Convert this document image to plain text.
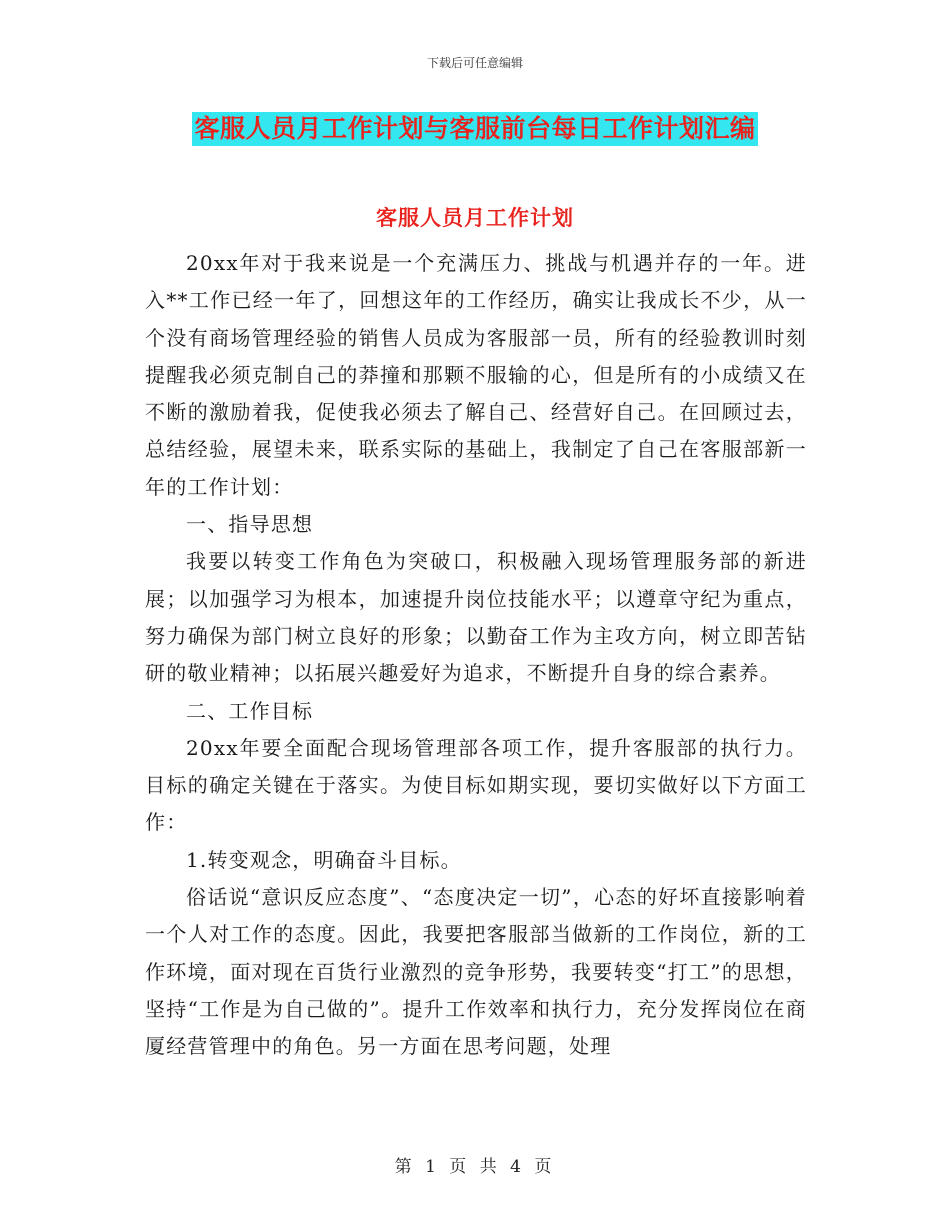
下载后可任意编辑
客服人员月工作计划与客服前台每日工作计划汇编
客服人员月工作计划

20xx年对于我来说是一个充满压力、挑战与机遇并存的一年。进入**工作已经一年了，回想这年的工作经历，确实让我成长不少，从一个没有商场管理经验的销售人员成为客服部一员，所有的经验教训时刻提醒我必须克制自己的莽撞和那颗不服输的心，但是所有的小成绩又在不断的激励着我，促使我必须去了解自己、经营好自己。在回顾过去，总结经验，展望未来，联系实际的基础上，我制定了自己在客服部新一年的工作计划：

一、指导思想

我要以转变工作角色为突破口，积极融入现场管理服务部的新进展；以加强学习为根本，加速提升岗位技能水平；以遵章守纪为重点，努力确保为部门树立良好的形象；以勤奋工作为主攻方向，树立即苦钻研的敬业精神；以拓展兴趣爱好为追求，不断提升自身的综合素养。

二、工作目标

20xx年要全面配合现场管理部各项工作，提升客服部的执行力。目标的确定关键在于落实。为使目标如期实现，要切实做好以下方面工作：

1.转变观念，明确奋斗目标。

俗话说“意识反应态度”、“态度决定一切”，心态的好坏直接影响着一个人对工作的态度。因此，我要把客服部当做新的工作岗位，新的工作环境，面对现在百货行业激烈的竞争形势，我要转变“打工”的思想，坚持“工作是为自己做的”。提升工作效率和执行力，充分发挥岗位在商厦经营管理中的角色。另一方面在思考问题，处理

第 1 页 共 4 页
